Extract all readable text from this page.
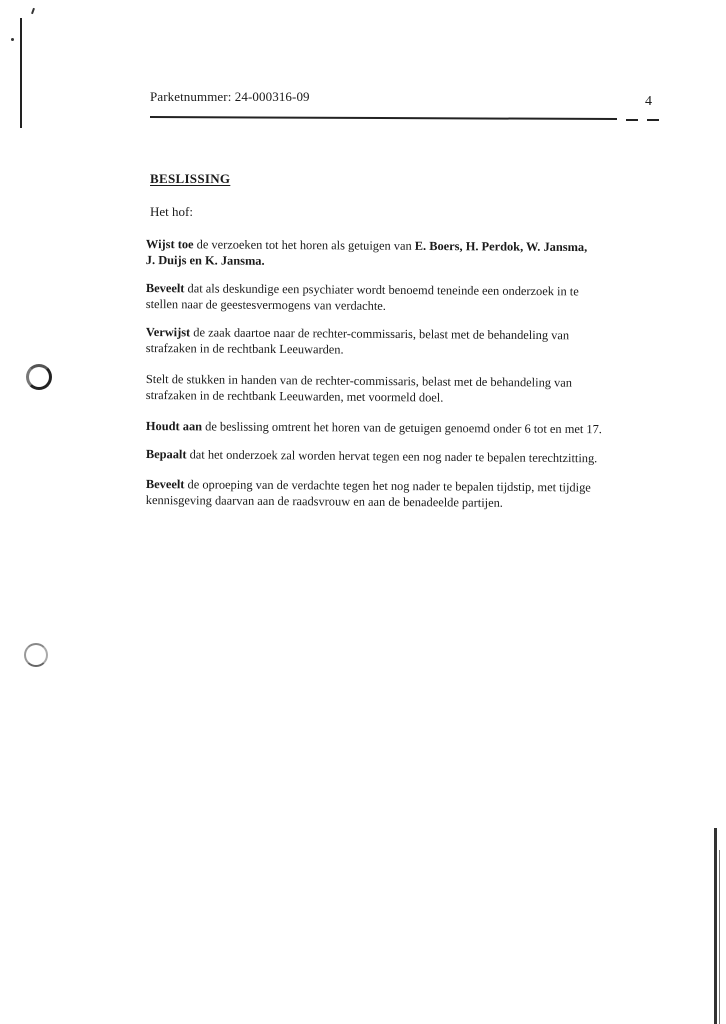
Parketnummer: 24-000316-09	4
BESLISSING
Het hof:
Wijst toe de verzoeken tot het horen als getuigen van E. Boers, H. Perdok, W. Jansma,
J. Duijs en K. Jansma.
Beveelt dat als deskundige een psychiater wordt benoemd teneinde een onderzoek in te
stellen naar de geestesvermogens van verdachte.
Verwijst de zaak daartoe naar de rechter-commissaris, belast met de behandeling van
strafzaken in de rechtbank Leeuwarden.
Stelt de stukken in handen van de rechter-commissaris, belast met de behandeling van
strafzaken in de rechtbank Leeuwarden, met voormeld doel.
Houdt aan de beslissing omtrent het horen van de getuigen genoemd onder 6 tot en met 17.
Bepaalt dat het onderzoek zal worden hervat tegen een nog nader te bepalen terechtzitting.
Beveelt de oproeping van de verdachte tegen het nog nader te bepalen tijdstip, met tijdige
kennisgeving daarvan aan de raadsvrouw en aan de benadeelde partijen.
